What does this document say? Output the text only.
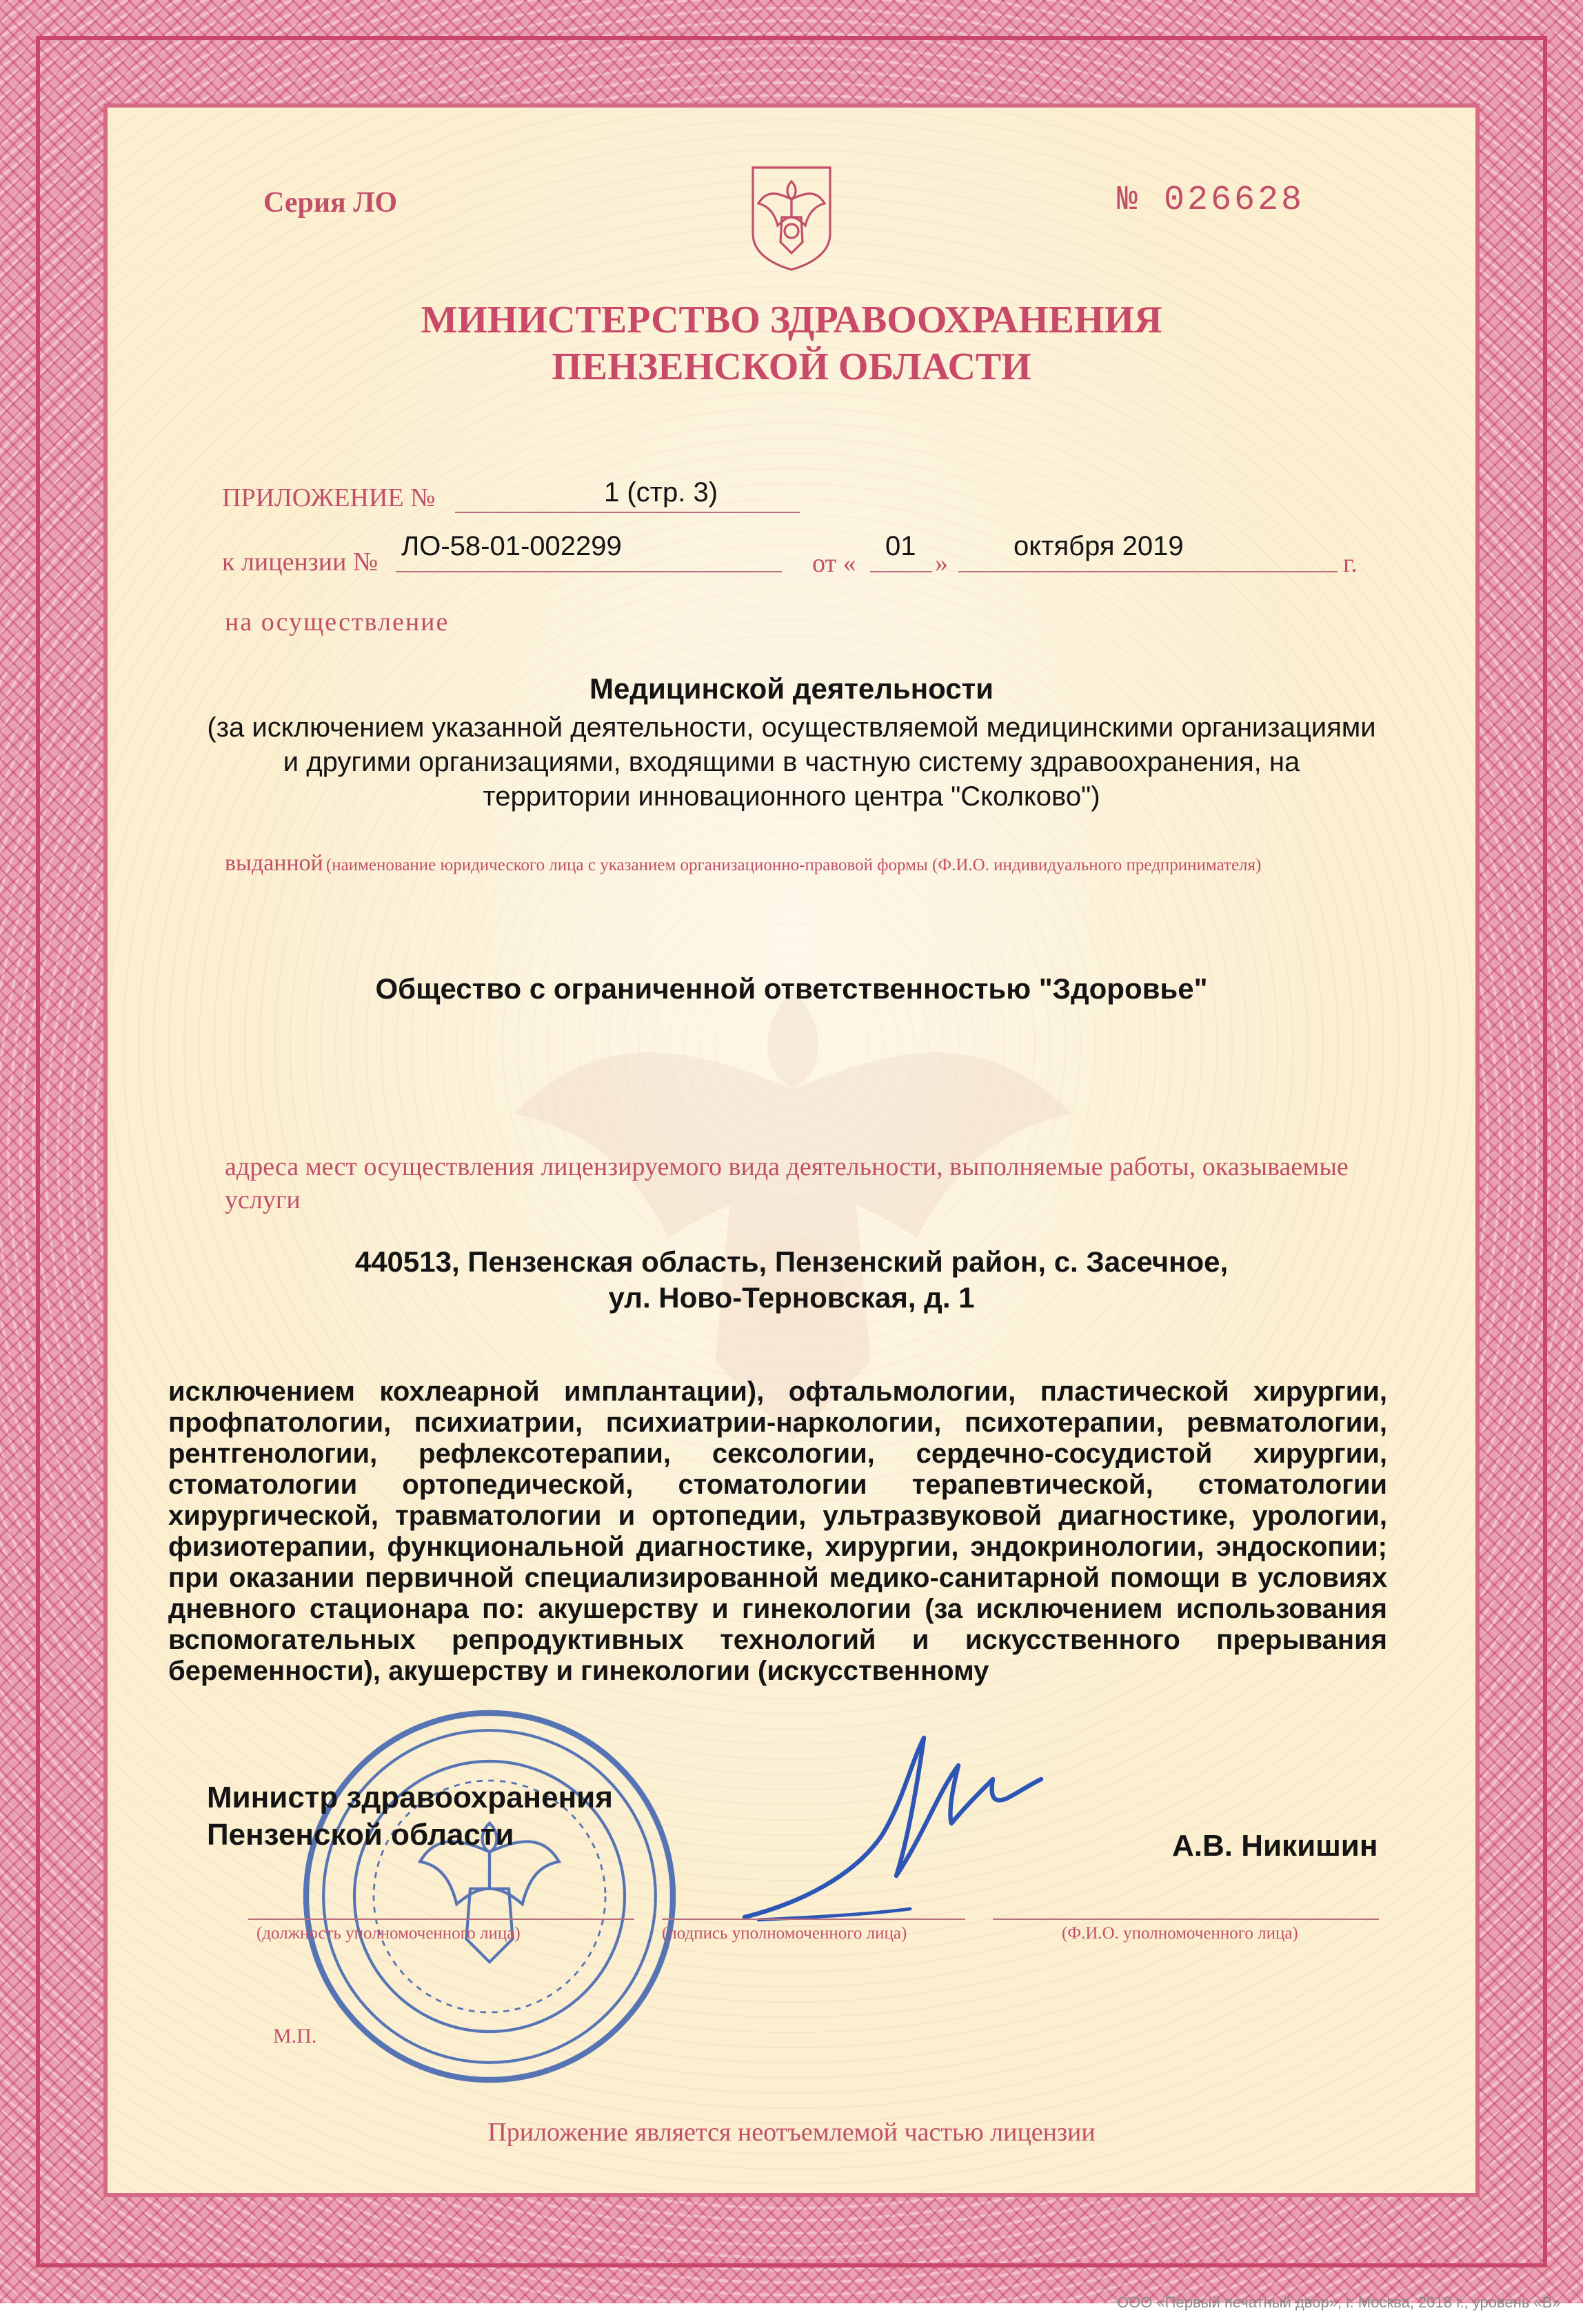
Серия ЛО	№ 026628
МИНИСТЕРСТВО ЗДРАВООХРАНЕНИЯ
ПЕНЗЕНСКОЙ ОБЛАСТИ
ПРИЛОЖЕНИЕ №	1 (стр. 3)
к лицензии №
ЛО-58-01-002299
от «
01
»
октября 2019
г.
на осуществление
Медицинской деятельности
(за исключением указанной деятельности, осуществляемой медицинскими организациями
и другими организациями, входящими в частную систему здравоохранения, на
территории инновационного центра "Сколково")
выданной (наименование юридического лица с указанием организационно-правовой формы (Ф.И.О. индивидуального предпринимателя)
Общество с ограниченной ответственностью "Здоровье"
адреса мест осуществления лицензируемого вида деятельности, выполняемые работы, оказываемые услуги
440513, Пензенская область, Пензенский район, с. Засечное,
ул. Ново-Терновская, д. 1
исключением кохлеарной имплантации), офтальмологии, пластической хирургии, профпатологии, психиатрии, психиатрии-наркологии, психотерапии, ревматологии, рентгенологии, рефлексотерапии, сексологии, сердечно-сосудистой хирургии, стоматологии ортопедической, стоматологии терапевтической, стоматологии хирургической, травматологии и ортопедии, ультразвуковой диагностике, урологии, физиотерапии, функциональной диагностике, хирургии, эндокринологии, эндоскопии; при оказании первичной специализированной медико-санитарной помощи в условиях дневного стационара по: акушерству и гинекологии (за исключением использования вспомогательных репродуктивных технологий и искусственного прерывания беременности), акушерству и гинекологии (искусственному
Министр здравоохранения
Пензенской области	А.В. Никишин
(должность уполномоченного лица)	(подпись уполномоченного лица)	(Ф.И.О. уполномоченного лица)
М.П.
Приложение является неотъемлемой частью лицензии
ООО «Первый печатный двор», г. Москва, 2018 г., уровень «В»
